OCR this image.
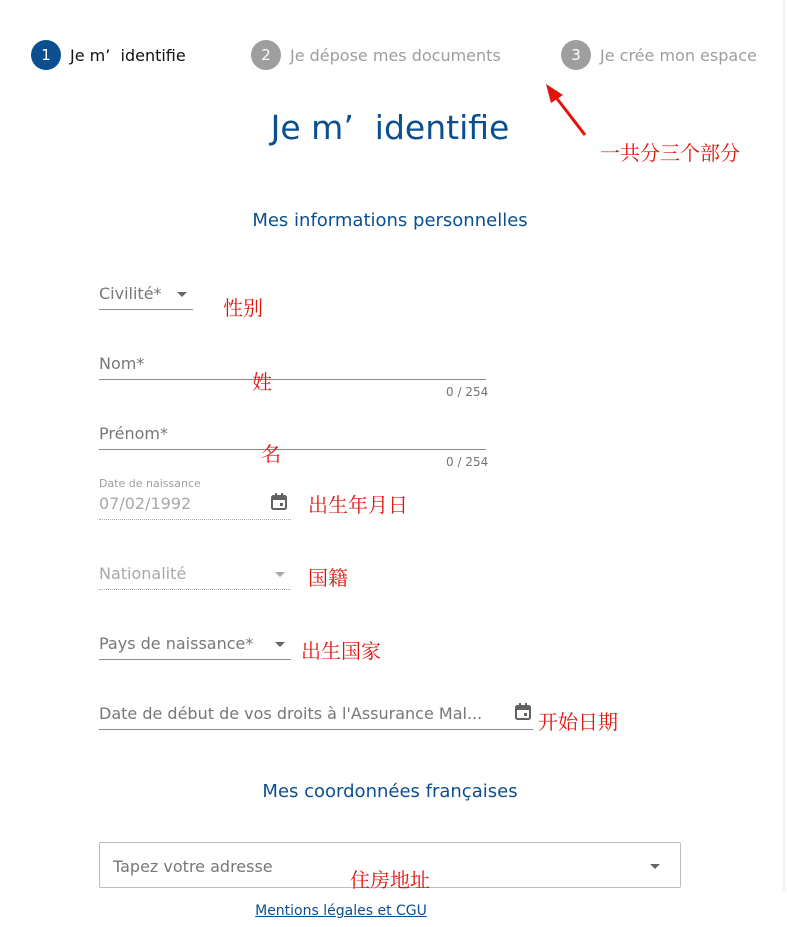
1	Je m’  identifie	2	Je dépose mes documents	3	Je crée mon espace
一共分三个部分
Je m’  identifie
Mes informations personnelles
Civilité*
性别
Nom*
0 / 254
姓
Prénom*
0 / 254
名
Date de naissance
07/02/1992	出生年月日
Nationalité	国籍
Pays de naissance* 出生国家
Date de début de vos droits à l'Assurance Mal...	开始日期
Mes coordonnées françaises
Tapez votre adresse
住房地址
Mentions légales et CGU
